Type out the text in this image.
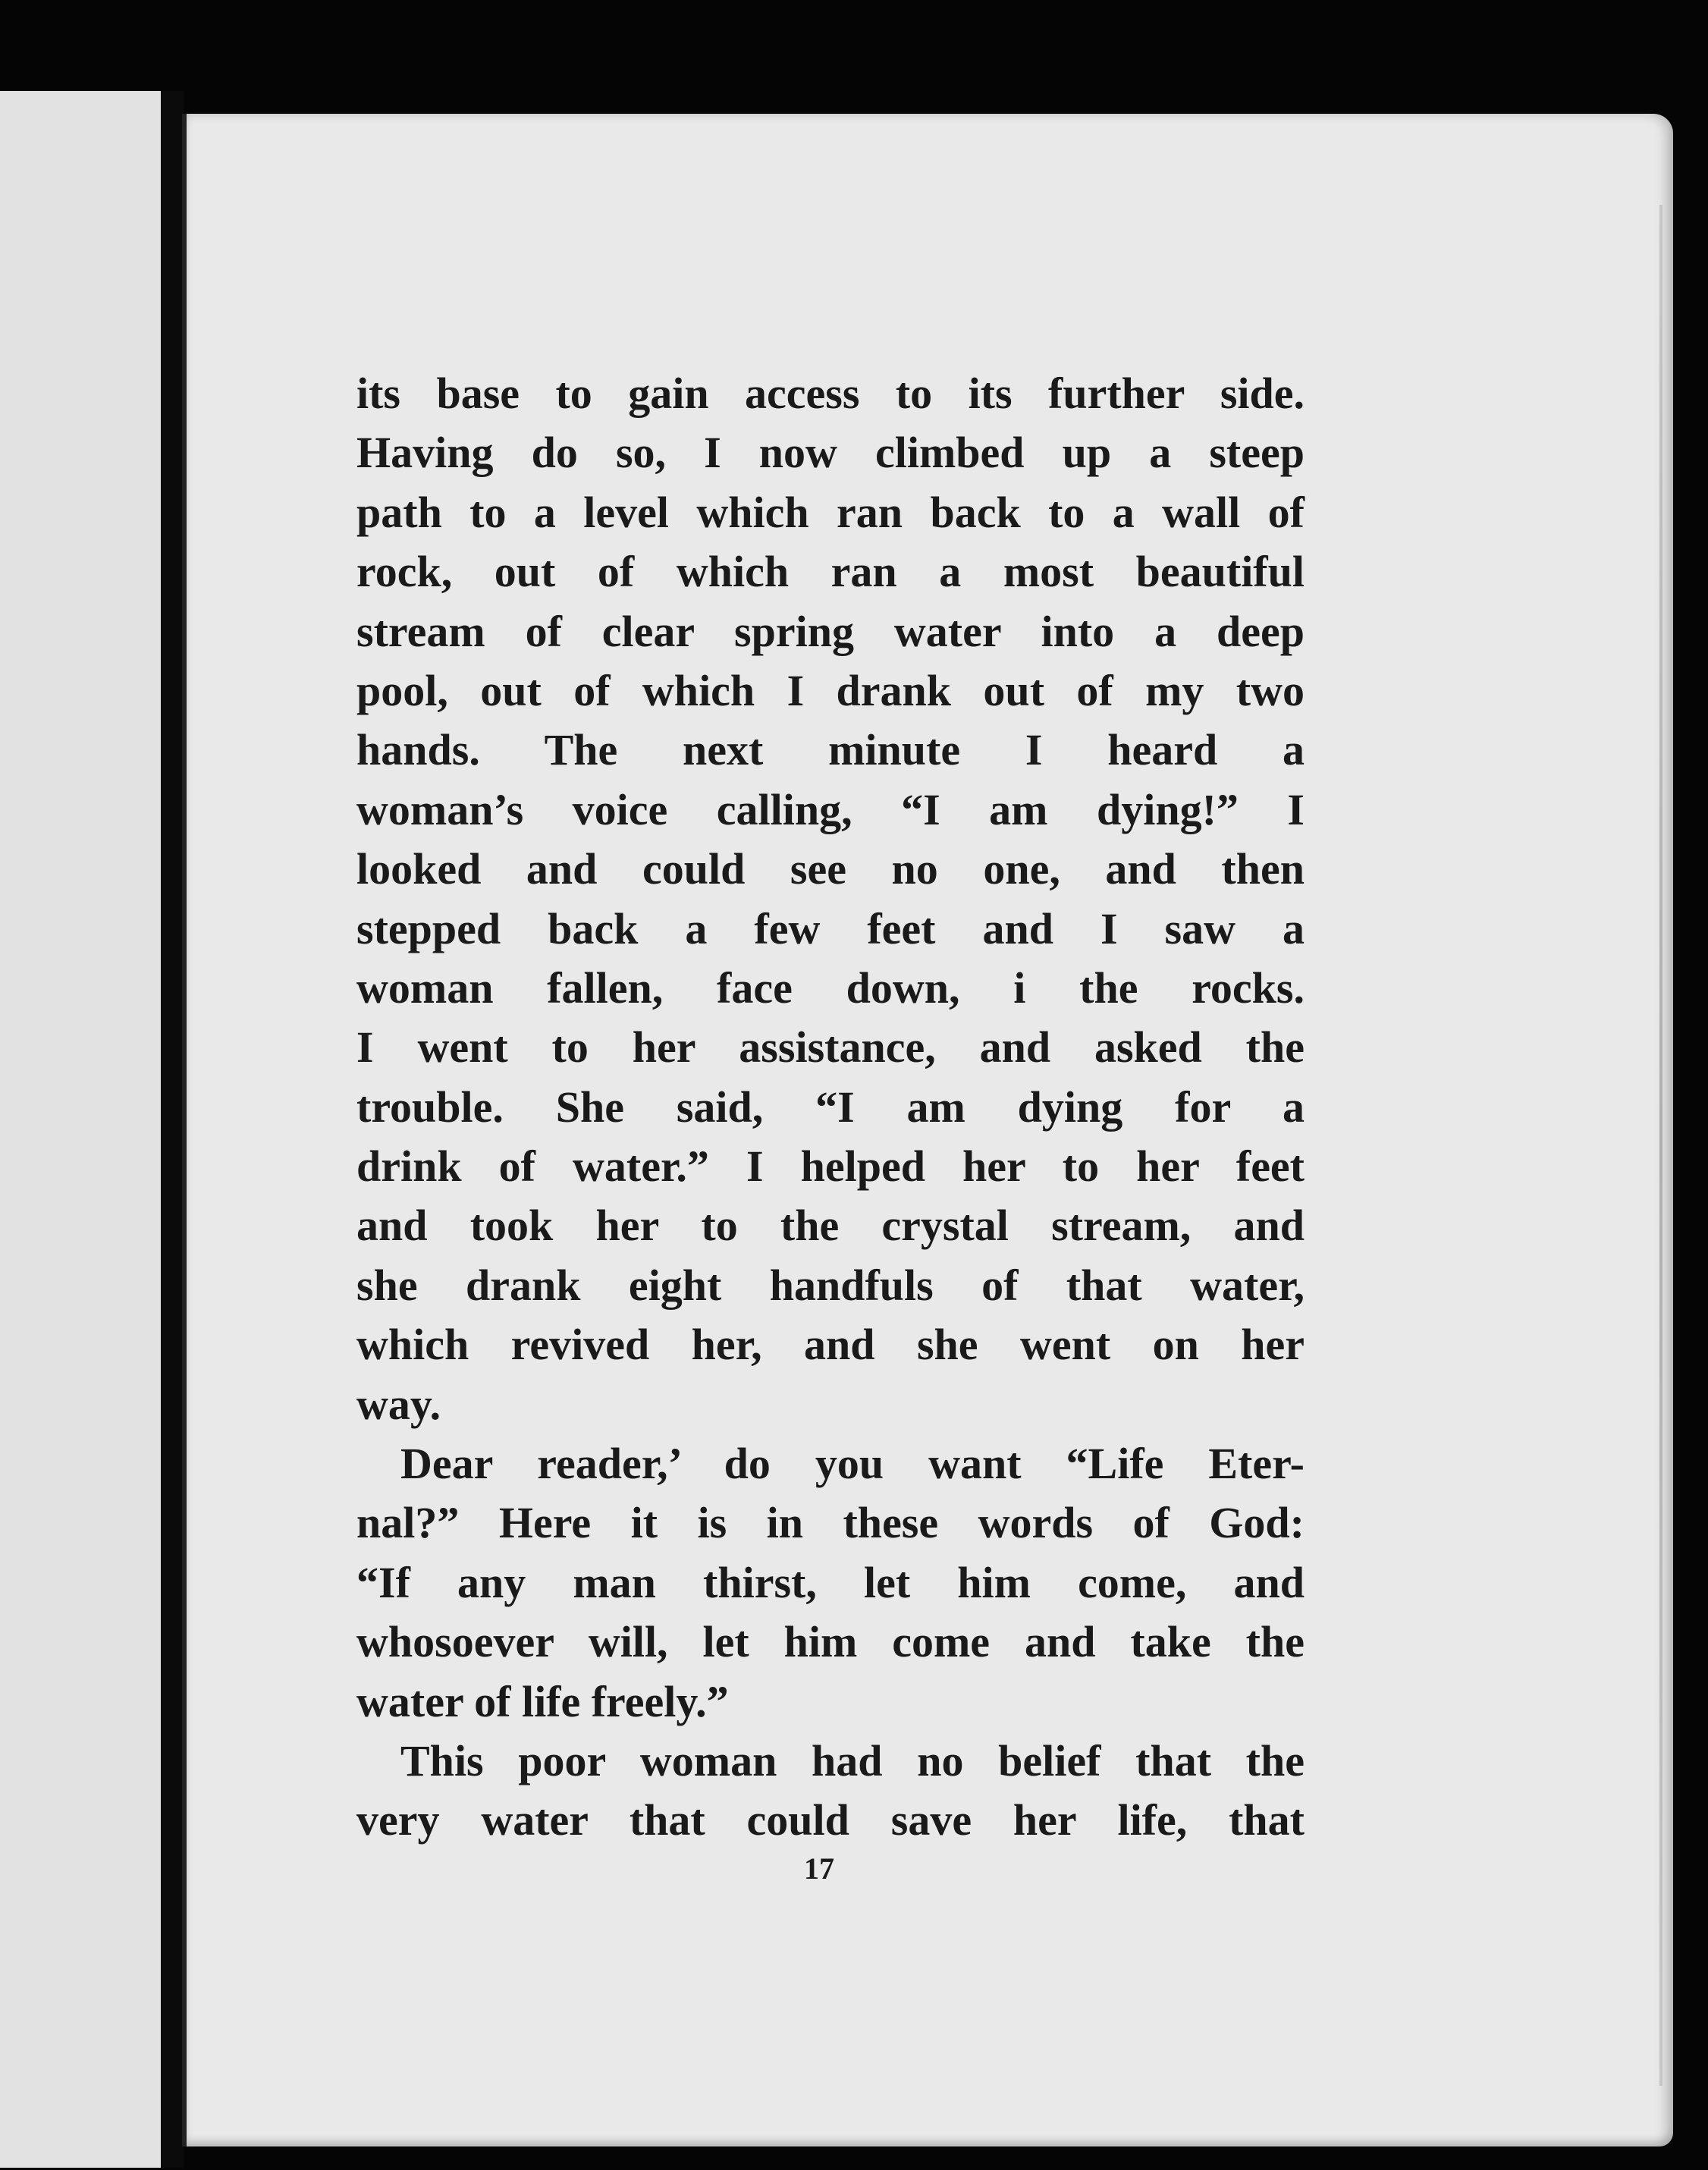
its base to gain access to its further side.
Having do so, I now climbed up a steep
path to a level which ran back to a wall of
rock, out of which ran a most beautiful
stream of clear spring water into a deep
pool, out of which I drank out of my two
hands. The next minute I heard a
woman’s voice calling, “I am dying!” I
looked and could see no one, and then
stepped back a few feet and I saw a
woman fallen, face down, i the rocks.
I went to her assistance, and asked the
trouble. She said, “I am dying for a
drink of water.” I helped her to her feet
and took her to the crystal stream, and
she drank eight handfuls of that water,
which revived her, and she went on her
way.
Dear reader,’ do you want “Life Eter-
nal?” Here it is in these words of God:
“If any man thirst, let him come, and
whosoever will, let him come and take the
water of life freely.”
This poor woman had no belief that the
very water that could save her life, that
17
